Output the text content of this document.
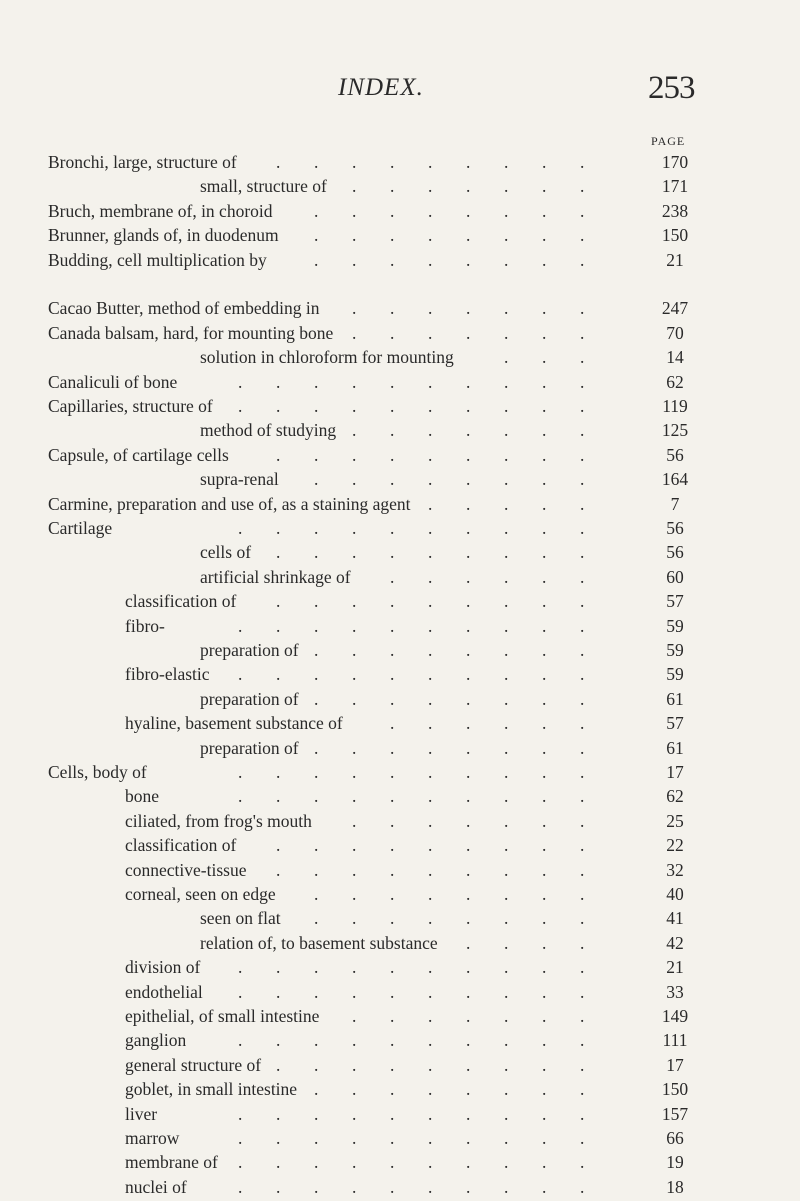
INDEX.	253
PAGE
Bronchi, large, structure of	170
. . . . . . . . .
small, structure of	171
. . . . . . .
Bruch, membrane of, in choroid	238
. . . . . . . .
Brunner, glands of, in duodenum	150
. . . . . . . .
Budding, cell multiplication by	21
. . . . . . . .
Cacao Butter, method of embedding in	247
. . . . . . .
Canada balsam, hard, for mounting bone	70
. . . . . . .
solution in chloroform for mounting	14
. . .
Canaliculi of bone	62
. . . . . . . . . .
Capillaries, structure of	119
. . . . . . . . . .
method of studying	125
. . . . . . .
Capsule, of cartilage cells	56
. . . . . . . . .
supra-renal	164
. . . . . . . .
Carmine, preparation and use of, as a staining agent	7
. . . . .
Cartilage	56
. . . . . . . . . .
cells of	56
. . . . . . . . .
artificial shrinkage of	60
. . . . . .
classification of	57
. . . . . . . . .
fibro-	59
. . . . . . . . . .
preparation of	59
. . . . . . . .
fibro-elastic	59
. . . . . . . . . .
preparation of	61
. . . . . . . .
hyaline, basement substance of	57
. . . . . .
preparation of	61
. . . . . . . .
Cells, body of	17
. . . . . . . . . .
bone	62
. . . . . . . . . .
ciliated, from frog's mouth	25
. . . . . . .
classification of	22
. . . . . . . . .
connective-tissue	32
. . . . . . . . .
corneal, seen on edge	40
. . . . . . . .
seen on flat	41
. . . . . . . .
relation of, to basement substance	42
. . . .
division of	21
. . . . . . . . . .
endothelial	33
. . . . . . . . . .
epithelial, of small intestine	149
. . . . . . .
ganglion	111
. . . . . . . . . .
general structure of	17
. . . . . . . . .
goblet, in small intestine	150
. . . . . . . .
liver	157
. . . . . . . . . .
marrow	66
. . . . . . . . . .
membrane of	19
. . . . . . . . . .
nuclei of	18
. . . . . . . . . .
